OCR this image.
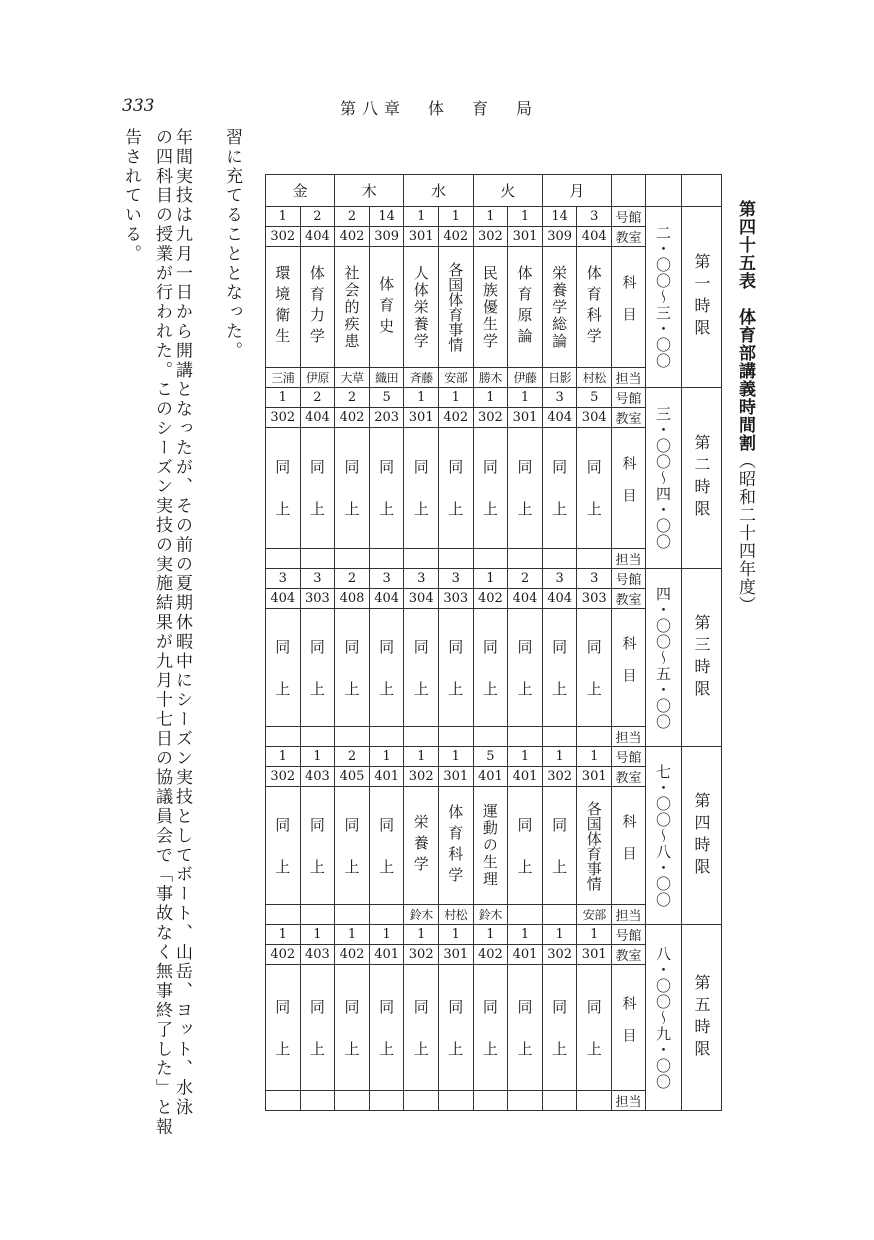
333	第八章 体 育 局
第四十五表　体育部講義時間割（昭和二十四年度）
習に充てることとなった。
年間実技は九月一日から開講となったが、その前の夏期休暇中にシーズン実技としてボート、山岳、ヨット、水泳
の四科目の授業が行われた。このシーズン実技の実施結果が九月十七日の協議員会で「事故なく無事終了した」と報
告されている。	金		木		水		火		月				
1	2	2	14	1	1	1	1	14	3	号館	二・〇〇〜三・〇〇	第一時限

302	404	402	309	301	402	302	301	309	404	教室		

環境衛生	体育力学	社会的疾患	体育史	人体栄養学	各国体育事情	民族優生学	体育原論	栄養学総論	体育科学	科目		

三浦	伊原	大草	織田	斉藤	安部	勝木	伊藤	日影	村松	担当		
1	2	2	5	1	1	1	1	3	5	号館	三・〇〇〜四・〇〇	第二時限

302	404	402	203	301	402	302	301	404	304	教室		

同
上	同
上	同
上	同
上	同
上	同
上	同
上	同
上	同
上	同
上	科目		

										担当		
3	3	2	3	3	3	1	2	3	3	号館	四・〇〇〜五・〇〇	第三時限

404	303	408	404	304	303	402	404	404	303	教室		

同
上	同
上	同
上	同
上	同
上	同
上	同
上	同
上	同
上	同
上	科目		

										担当		
1	1	2	1	1	1	5	1	1	1	号館	七・〇〇〜八・〇〇	第四時限

302	403	405	401	302	301	401	401	302	301	教室		

同
上	同
上	同
上	同
上	栄養学	体育科学	運動の生理	同
上	同
上	各国体育事情	科目		

				鈴木	村松	鈴木			安部	担当		
1	1	1	1	1	1	1	1	1	1	号館	八・〇〇〜九・〇〇	第五時限

402	403	402	401	302	301	402	401	302	301	教室		

同
上	同
上	同
上	同
上	同
上	同
上	同
上	同
上	同
上	同
上	科目		

										担当		
